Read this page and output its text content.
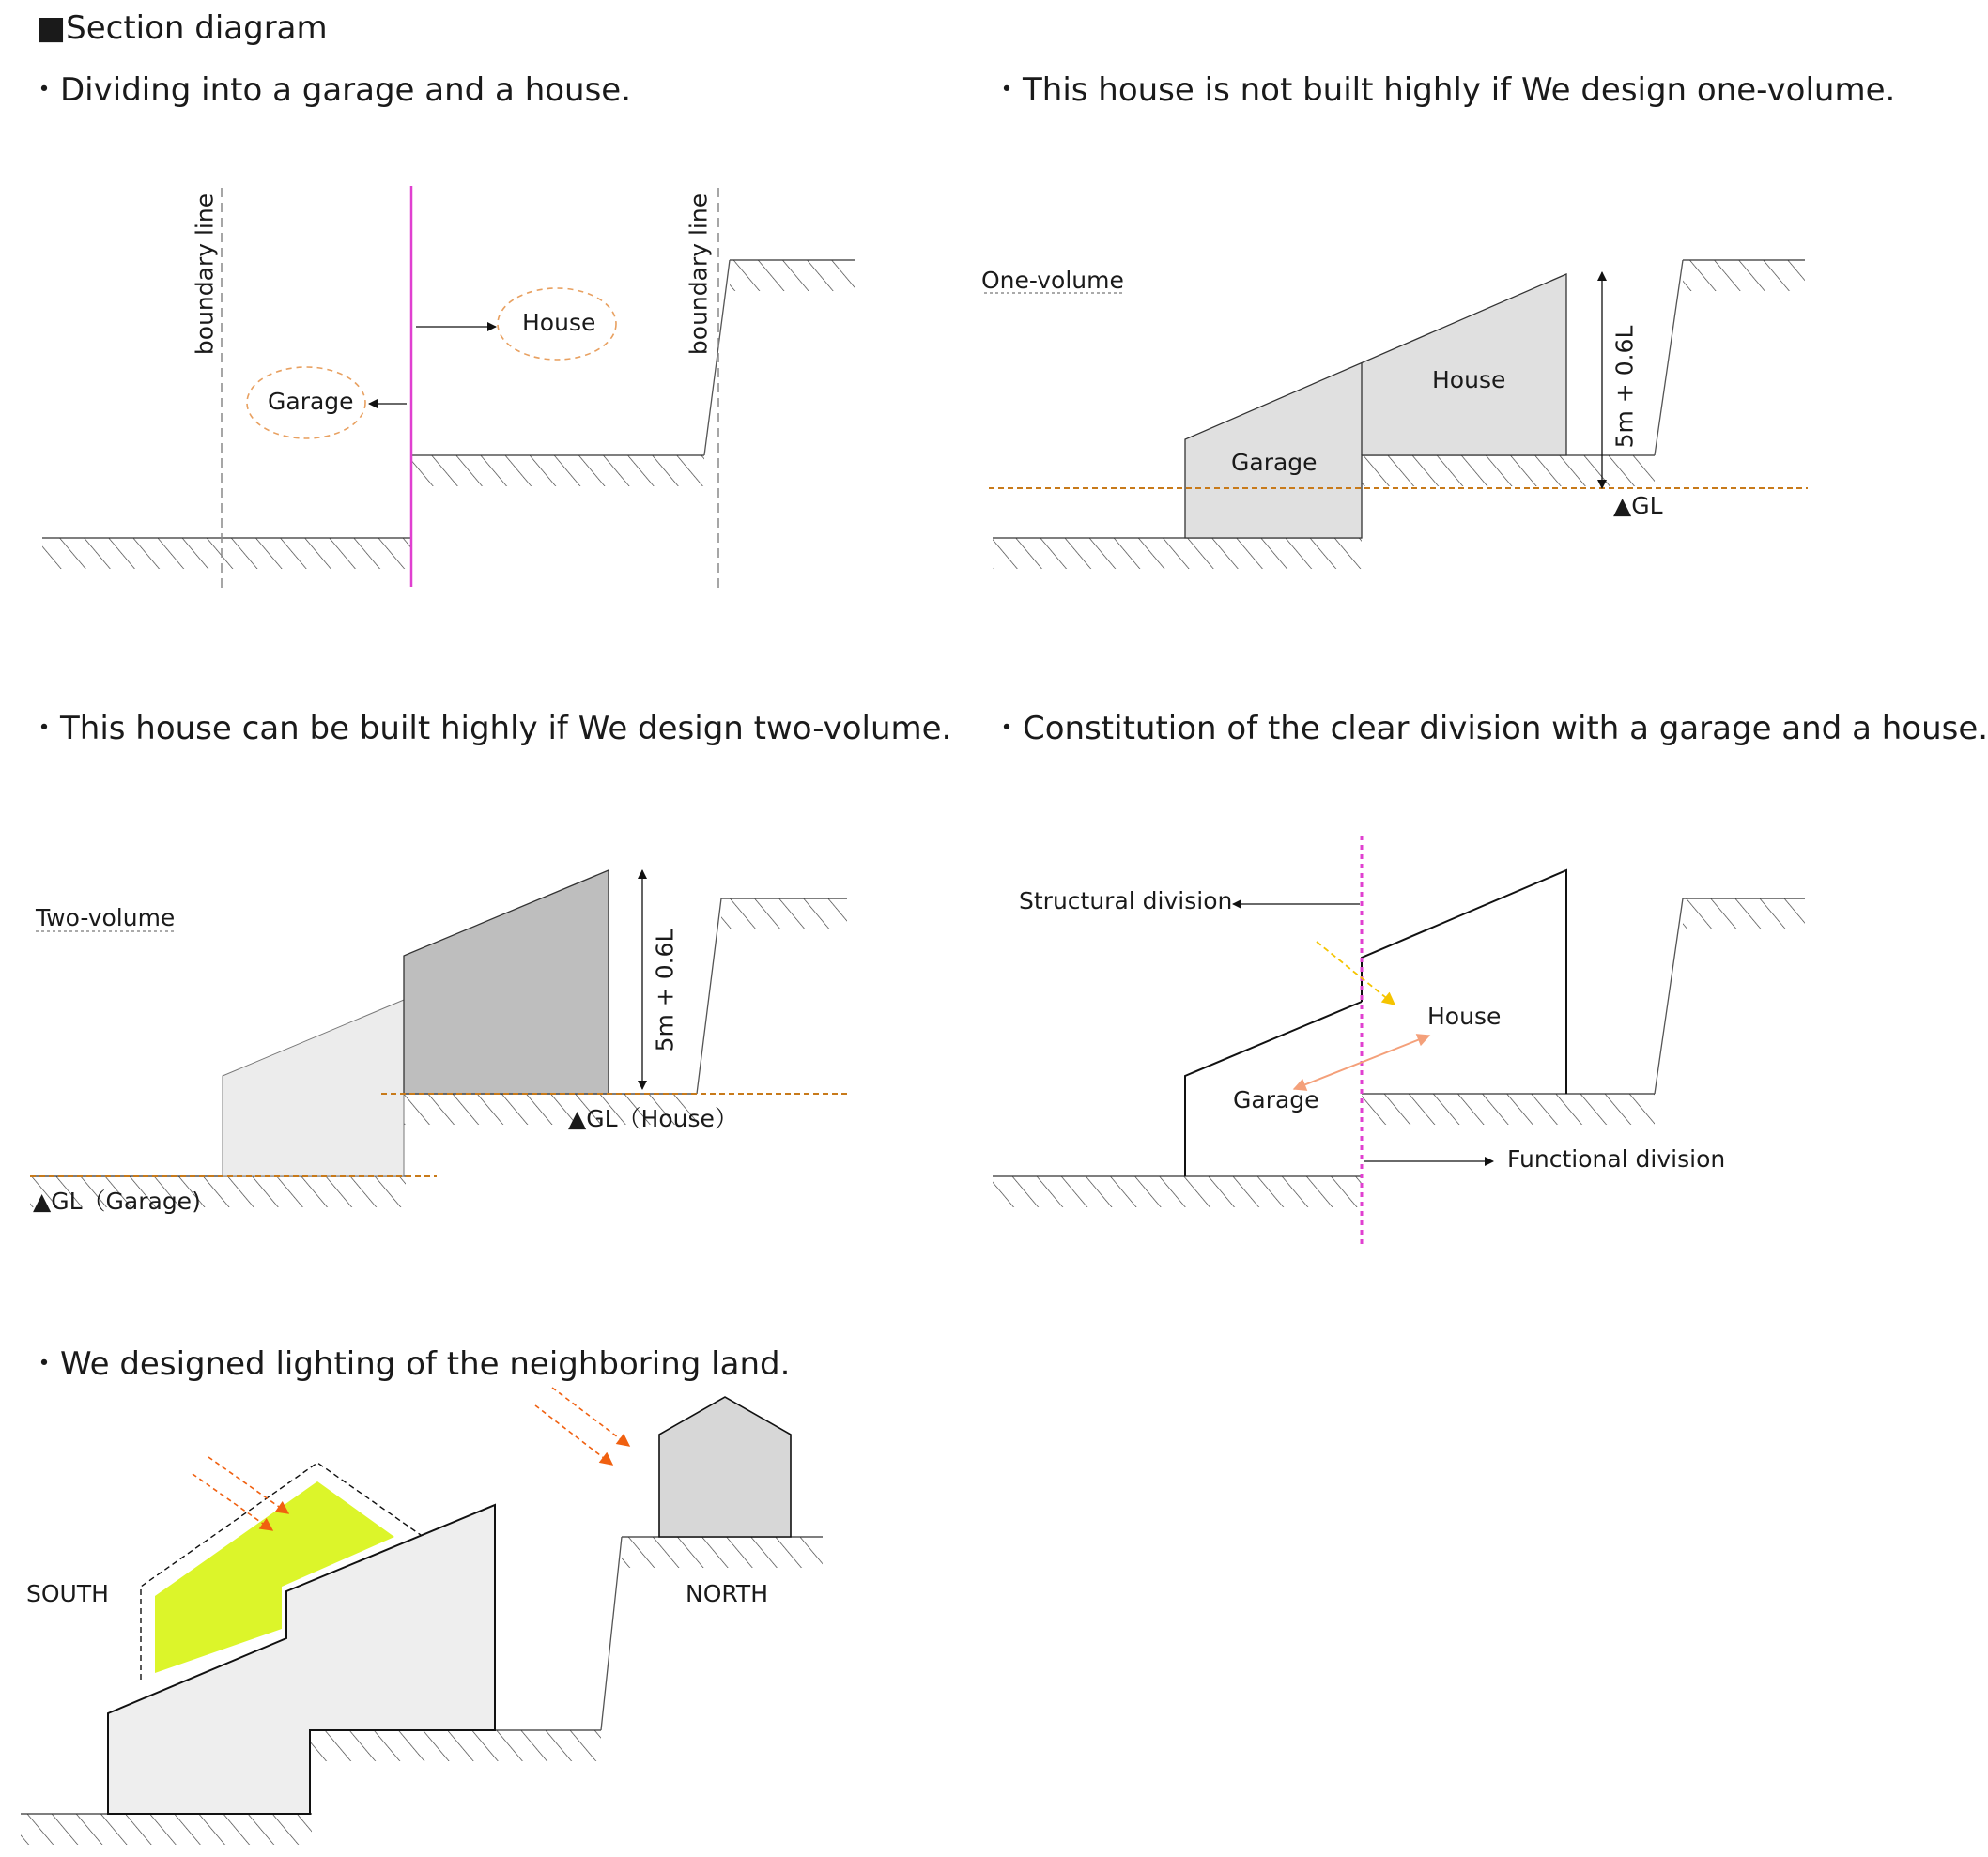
■Section diagram
・Dividing into a garage and a house.	・This house is not built highly if We design one-volume.
・This house can be built highly if We design two-volume. ・Constitution of the clear division with a garage and a house.
・We designed lighting of the neighboring land.
boundary line	boundary line
House
Garage
One-volume
House
Garage
5m + 0.6L
▲GL
Two-volume
5m + 0.6L
▲GL（House）
▲GL（Garage)
Structural division
Functional division
House
Garage
SOUTH	NORTH
